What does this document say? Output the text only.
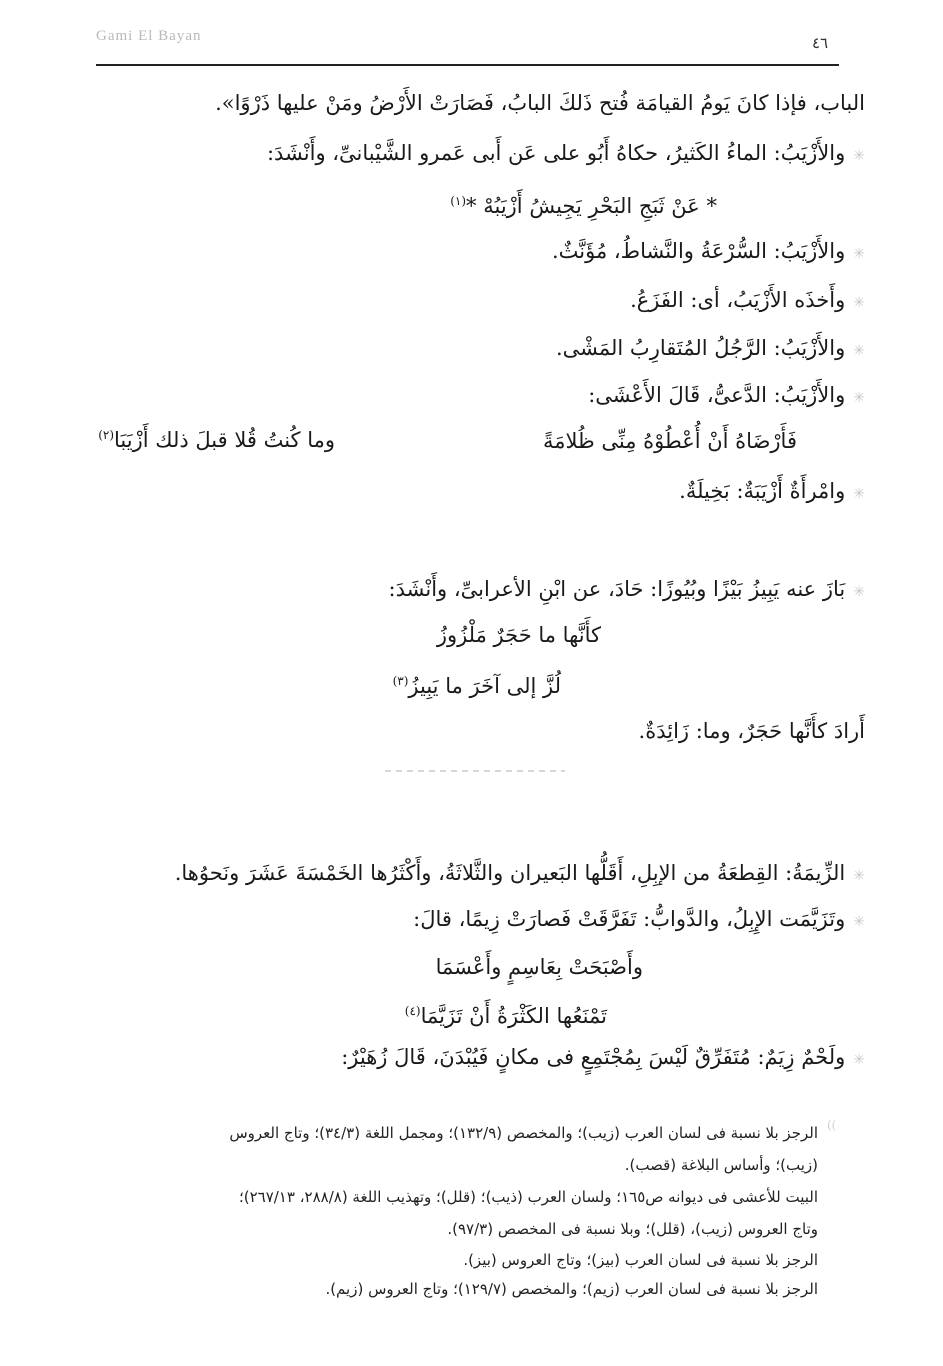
Gami El Bayan	٤٦
الباب، فإذا كانَ يَومُ القيامَة فُتح ذَلكَ البابُ، فَصَارَتْ الأَرْضُ ومَنْ عليها ذَرْوًا».
✳والأَزْيَبُ: الماءُ الكَثيرُ، حكاهُ أَبُو على عَن أَبى عَمرو الشَّيْبانىِّ، وأَنْشَدَ:
* عَنْ ثَبَجِ البَحْرِ يَجِيشُ أَزْيَبُهْ *$^{(١)}$
✳والأَزْيَبُ: السُّرْعَةُ والنَّشاطُ، مُؤَنَّثٌ.
✳وأَخذَه الأَزْيَبُ، أى: الفَزَعُ.
✳والأَزْيَبُ: الرَّجُلُ المُتَقارِبُ المَشْى.
✳والأَزْيَبُ: الدَّعىُّ، قَالَ الأَعْشَى:
فَأَرْضَاهُ أَنْ أُعْطُوْهُ مِنِّى ظُلامَةً
وما كُنتُ قُلا قبلَ ذلك أَزْيَبَا$^{(٢)}$
✳وامْرأَةٌ أَزْيَبَةٌ: بَخِيلَةٌ.
✳بَازَ عنه يَبِيزُ بَيْزًا وبُيُوزًا: حَادَ، عن ابْنِ الأعرابىِّ، وأَنْشَدَ:
كأَنَّها ما حَجَرٌ مَلْزُوزُ
لُزَّ إلى آخَرَ ما يَبِيزُ$^{(٣)}$
أَرادَ كأَنَّها حَجَرٌ، وما: زَائِدَةٌ.
✳الزِّيمَةُ: القِطعَةُ من الإبِلِ، أَقَلُّها البَعيران والثَّلاثَةُ، وأَكْثَرُها الخَمْسَةَ عَشَرَ ونَحوُها.
✳وتَزَيَّمَت الإِبِلُ، والدَّوابُّ: تَفَرَّقَتْ فَصارَتْ زِيمًا، قالَ:
وأَصْبَحَتْ بِعَاسِمٍ وأَعْسَمَا
تَمْنَعُها الكَثْرَةُ أَنْ تَزَيَّمَا$^{(٤)}$
✳ولَحْمٌ زِيَمٌ: مُتَفَرِّقٌ لَيْسَ بِمُجْتَمِعٍ فى مكانٍ فَيُبْدَنَ، قَالَ زُهَيْرٌ:
((
الرجز بلا نسبة فى لسان العرب (زيب)؛ والمخصص (١٣٢/٩)؛ ومجمل اللغة (٣٤/٣)؛ وتاج العروس
(زيب)؛ وأساس البلاغة (قصب).
البيت للأعشى فى ديوانه ص١٦٥؛ ولسان العرب (ذيب)؛ (قلل)؛ وتهذيب اللغة (٢٨٨/٨، ٢٦٧/١٣)؛
وتاج العروس (زيب)، (قلل)؛ وبلا نسبة فى المخصص (٩٧/٣).
الرجز بلا نسبة فى لسان العرب (بيز)؛ وتاج العروس (بيز).
الرجز بلا نسبة فى لسان العرب (زيم)؛ والمخصص (١٢٩/٧)؛ وتاج العروس (زيم).
